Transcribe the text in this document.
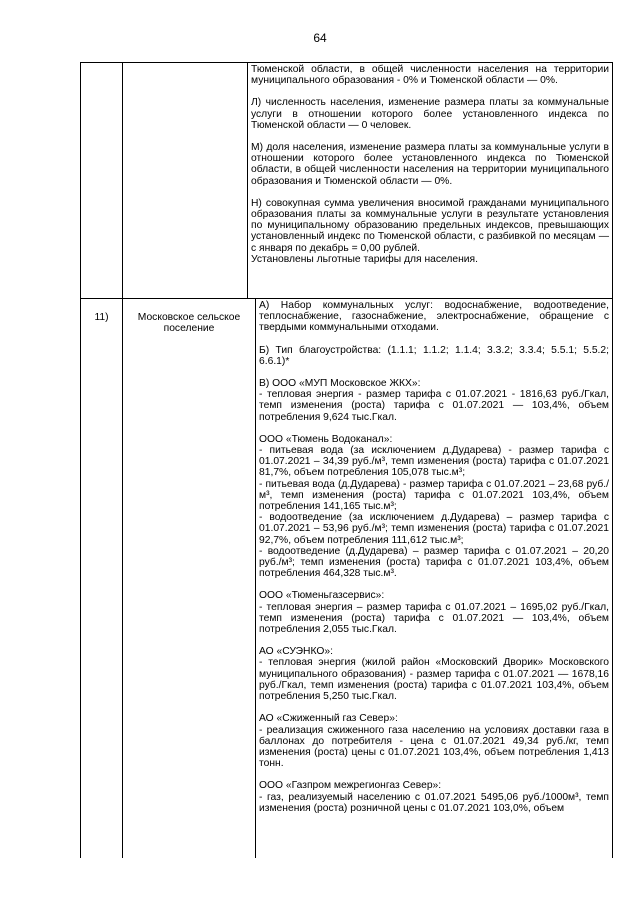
64

Тюменской области, в общей численности населения на территории муниципального образования - 0% и Тюменской области — 0%.

Л) численность населения, изменение размера платы за коммунальные услуги в отношении которого более установленного индекса по Тюменской области — 0 человек.

М) доля населения, изменение размера платы за коммунальные услуги в отношении которого более установленного индекса по Тюменской области, в общей численности населения на территории муниципального образования и Тюменской области — 0%.

Н) совокупная сумма увеличения вносимой гражданами муниципального образования платы за коммунальные услуги в результате установления по муниципальному образованию предельных индексов, превышающих установленный индекс по Тюменской области, с разбивкой по месяцам — с января по декабрь = 0,00 рублей.
Установлены льготные тарифы для населения.

11)	Московское сельское поселение

А) Набор коммунальных услуг: водоснабжение, водоотведение, теплоснабжение, газоснабжение, электроснабжение, обращение с твердыми коммунальными отходами.

Б) Тип благоустройства: (1.1.1; 1.1.2; 1.1.4; 3.3.2; 3.3.4; 5.5.1; 5.5.2; 6.6.1)*

В) ООО «МУП Московское ЖКХ»:
- тепловая энергия - размер тарифа с 01.07.2021 - 1816,63 руб./Гкал, темп изменения (роста) тарифа с 01.07.2021 — 103,4%, объем потребления 9,624 тыс.Гкал.

ООО «Тюмень Водоканал»:
- питьевая вода (за исключением д.Дударева) - размер тарифа с 01.07.2021 – 34,39 руб./м³, темп изменения (роста) тарифа с 01.07.2021 81,7%, объем потребления 105,078 тыс.м³;
- питьевая вода (д.Дударева) - размер тарифа с 01.07.2021 – 23,68 руб./м³, темп изменения (роста) тарифа с 01.07.2021 103,4%, объем потребления 141,165 тыс.м³;
- водоотведение (за исключением д.Дударева) – размер тарифа с 01.07.2021 – 53,96 руб./м³; темп изменения (роста) тарифа с 01.07.2021 92,7%, объем потребления 111,612 тыс.м³;
- водоотведение (д.Дударева) – размер тарифа с 01.07.2021 – 20,20 руб./м³; темп изменения (роста) тарифа с 01.07.2021 103,4%, объем потребления 464,328 тыс.м³.

ООО «Тюменьгазсервис»:
- тепловая энергия – размер тарифа с 01.07.2021 – 1695,02 руб./Гкал, темп изменения (роста) тарифа с 01.07.2021 — 103,4%, объем потребления 2,055 тыс.Гкал.

АО «СУЭНКО»:
- тепловая энергия (жилой район «Московский Дворик» Московского муниципального образования) - размер тарифа с 01.07.2021 — 1678,16 руб./Гкал, темп изменения (роста) тарифа с 01.07.2021 103,4%, объем потребления 5,250 тыс.Гкал.

АО «Сжиженный газ Север»:
- реализация сжиженного газа населению на условиях доставки газа в баллонах до потребителя - цена с 01.07.2021 49,34 руб./кг, темп изменения (роста) цены с 01.07.2021 103,4%, объем потребления 1,413 тонн.

ООО «Газпром межрегионгаз Север»:
- газ, реализуемый населению с 01.07.2021 5495,06 руб./1000м³, темп изменения (роста) розничной цены с 01.07.2021 103,0%, объем
